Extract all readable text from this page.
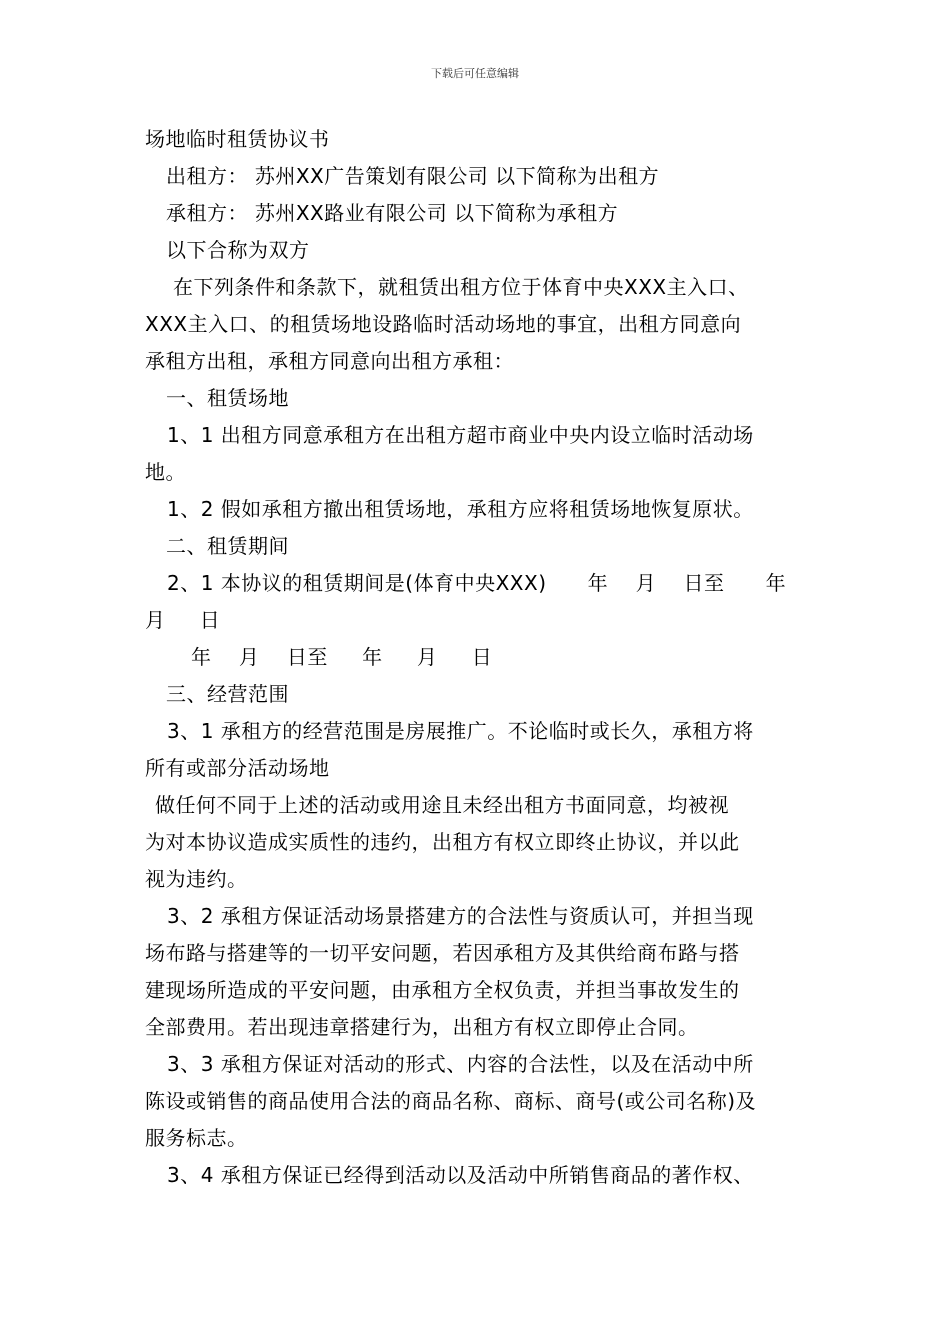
下载后可任意编辑
场地临时租赁协议书
出租方： 苏州XX广告策划有限公司 以下简称为出租方
承租方： 苏州XX路业有限公司 以下简称为承租方
以下合称为双方
在下列条件和条款下，就租赁出租方位于体育中央XXX主入口、
XXX主入口、的租赁场地设路临时活动场地的事宜，出租方同意向
承租方出租，承租方同意向出租方承租：
一、租赁场地
1、1 出租方同意承租方在出租方超市商业中央内设立临时活动场
地。
1、2 假如承租方撤出租赁场地，承租方应将租赁场地恢复原状。
二、租赁期间
2、1 本协议的租赁期间是(体育中央XXX)      年    月    日至      年
月     日
年    月    日至     年     月     日
三、经营范围
3、1 承租方的经营范围是房展推广。不论临时或长久，承租方将
所有或部分活动场地
做任何不同于上述的活动或用途且未经出租方书面同意，均被视
为对本协议造成实质性的违约，出租方有权立即终止协议，并以此
视为违约。
3、2 承租方保证活动场景搭建方的合法性与资质认可，并担当现
场布路与搭建等的一切平安问题，若因承租方及其供给商布路与搭
建现场所造成的平安问题，由承租方全权负责，并担当事故发生的
全部费用。若出现违章搭建行为，出租方有权立即停止合同。
3、3 承租方保证对活动的形式、内容的合法性，以及在活动中所
陈设或销售的商品使用合法的商品名称、商标、商号(或公司名称)及
服务标志。
3、4 承租方保证已经得到活动以及活动中所销售商品的著作权、
